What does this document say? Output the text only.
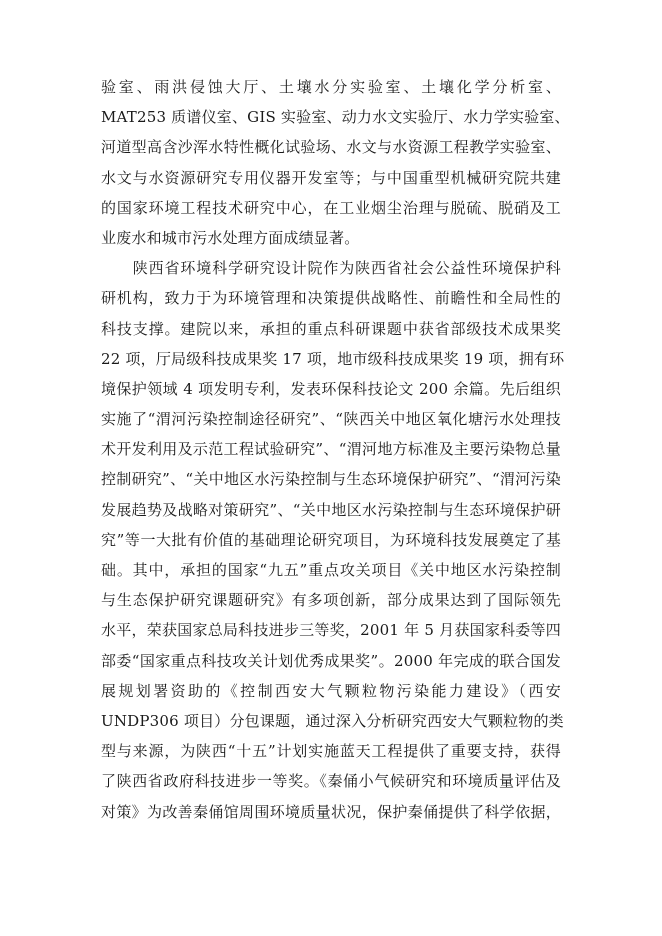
验室、雨洪侵蚀大厅、土壤水分实验室、土壤化学分析室、
MAT253 质谱仪室、GIS 实验室、动力水文实验厅、水力学实验室、
河道型高含沙浑水特性概化试验场、水文与水资源工程教学实验室、
水文与水资源研究专用仪器开发室等；与中国重型机械研究院共建
的国家环境工程技术研究中心，在工业烟尘治理与脱硫、脱硝及工
业废水和城市污水处理方面成绩显著。
　　陕西省环境科学研究设计院作为陕西省社会公益性环境保护科
研机构，致力于为环境管理和决策提供战略性、前瞻性和全局性的
科技支撑。建院以来，承担的重点科研课题中获省部级技术成果奖
22 项，厅局级科技成果奖 17 项，地市级科技成果奖 19 项，拥有环
境保护领域 4 项发明专利，发表环保科技论文 200 余篇。先后组织
实施了“渭河污染控制途径研究”、“陕西关中地区氧化塘污水处理技
术开发利用及示范工程试验研究”、“渭河地方标准及主要污染物总量
控制研究”、“关中地区水污染控制与生态环境保护研究”、“渭河污染
发展趋势及战略对策研究”、“关中地区水污染控制与生态环境保护研
究”等一大批有价值的基础理论研究项目，为环境科技发展奠定了基
础。其中，承担的国家“九五”重点攻关项目《关中地区水污染控制
与生态保护研究课题研究》有多项创新，部分成果达到了国际领先
水平，荣获国家总局科技进步三等奖，2001 年 5 月获国家科委等四
部委“国家重点科技攻关计划优秀成果奖”。2000 年完成的联合国发
展规划署资助的《控制西安大气颗粒物污染能力建设》（西安
UNDP306 项目）分包课题，通过深入分析研究西安大气颗粒物的类
型与来源，为陕西“十五”计划实施蓝天工程提供了重要支持，获得
了陕西省政府科技进步一等奖。《秦俑小气候研究和环境质量评估及
对策》为改善秦俑馆周围环境质量状况，保护秦俑提供了科学依据，
